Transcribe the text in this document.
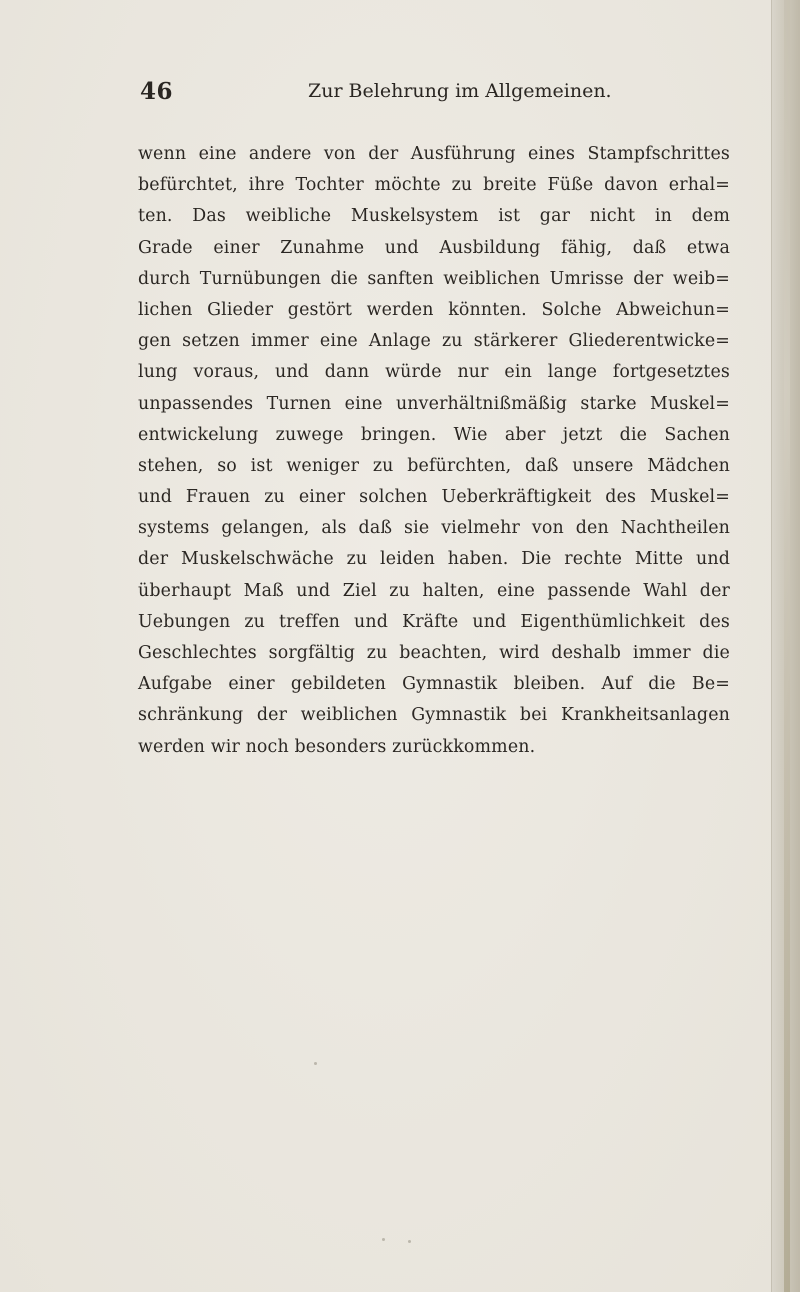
46	Zur Belehrung im Allgemeinen.
wenn eine andere von der Ausführung eines Stampfschrittes
befürchtet, ihre Tochter möchte zu breite Füße davon erhal=
ten. Das weibliche Muskelsystem ist gar nicht in dem
Grade einer Zunahme und Ausbildung fähig, daß etwa
durch Turnübungen die sanften weiblichen Umrisse der weib=
lichen Glieder gestört werden könnten. Solche Abweichun=
gen setzen immer eine Anlage zu stärkerer Gliederentwicke=
lung voraus, und dann würde nur ein lange fortgesetztes
unpassendes Turnen eine unverhältnißmäßig starke Muskel=
entwickelung zuwege bringen. Wie aber jetzt die Sachen
stehen, so ist weniger zu befürchten, daß unsere Mädchen
und Frauen zu einer solchen Ueberkräftigkeit des Muskel=
systems gelangen, als daß sie vielmehr von den Nachtheilen
der Muskelschwäche zu leiden haben. Die rechte Mitte und
überhaupt Maß und Ziel zu halten, eine passende Wahl der
Uebungen zu treffen und Kräfte und Eigenthümlichkeit des
Geschlechtes sorgfältig zu beachten, wird deshalb immer die
Aufgabe einer gebildeten Gymnastik bleiben. Auf die Be=
schränkung der weiblichen Gymnastik bei Krankheitsanlagen
werden wir noch besonders zurückkommen.
